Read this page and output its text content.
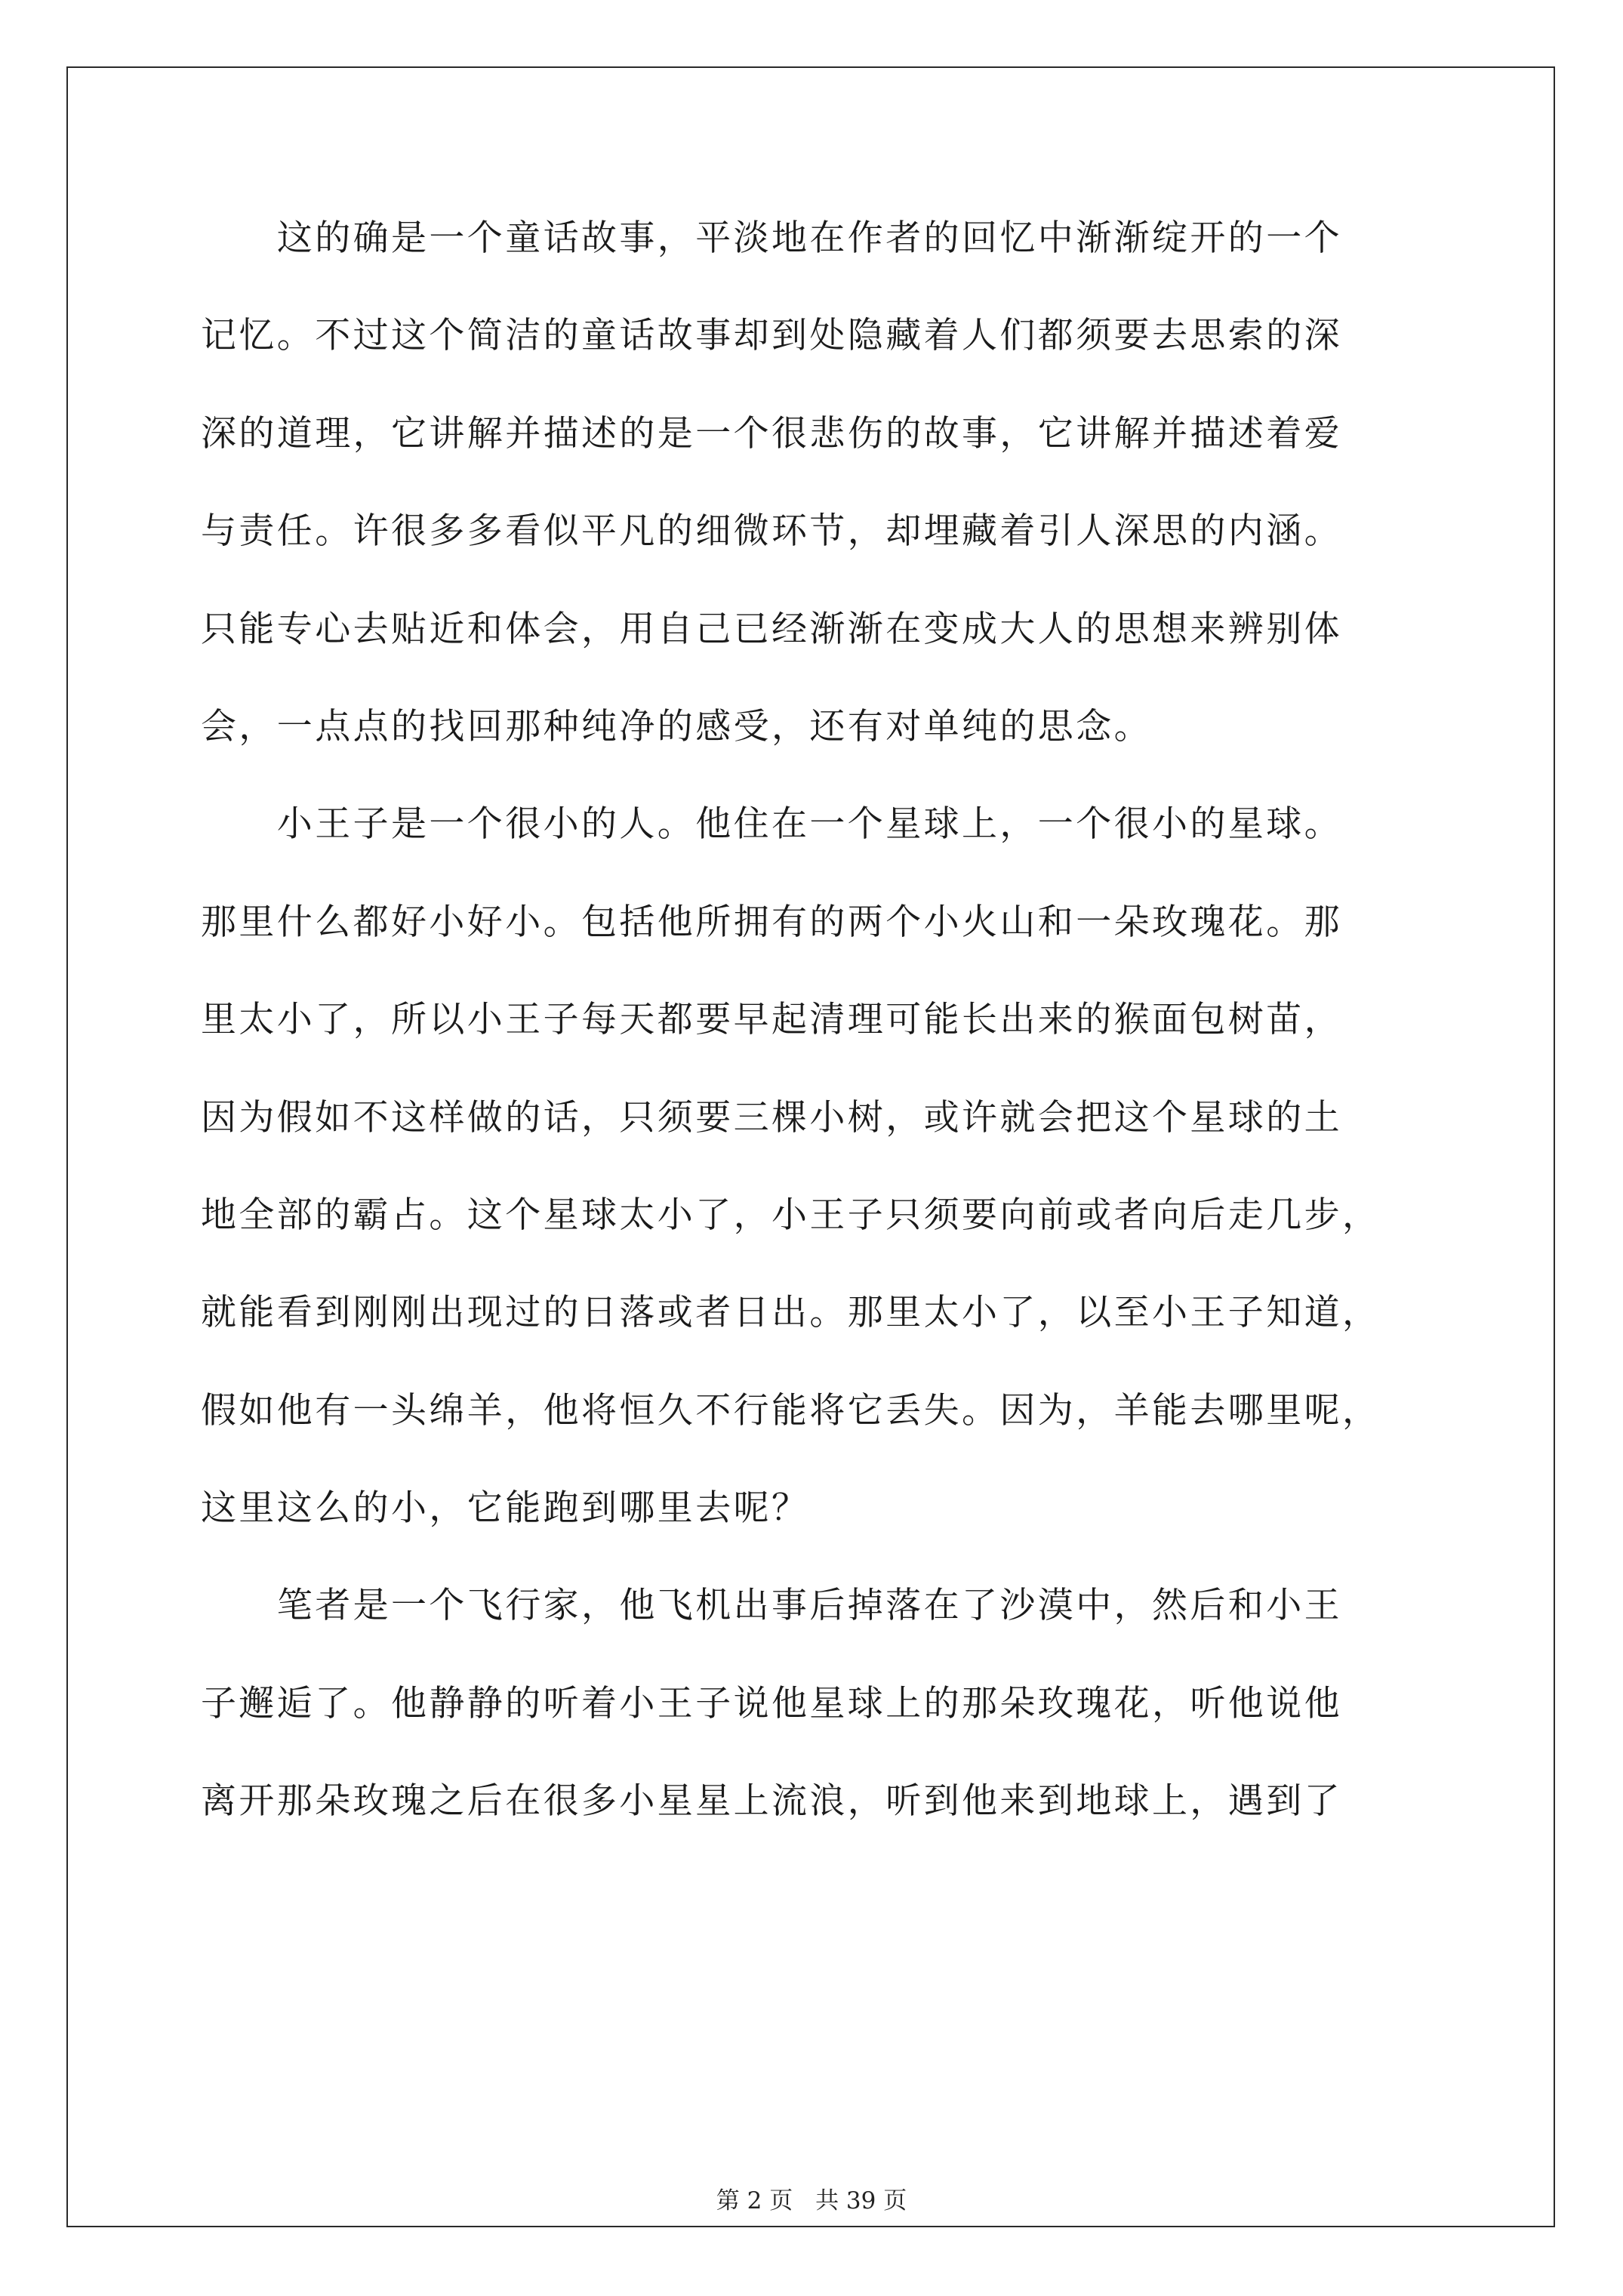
　　这的确是一个童话故事，平淡地在作者的回忆中渐渐绽开的一个
记忆。不过这个简洁的童话故事却到处隐藏着人们都须要去思索的深
深的道理，它讲解并描述的是一个很悲伤的故事，它讲解并描述着爱
与责任。许很多多看似平凡的细微环节，却埋藏着引人深思的内涵。
只能专心去贴近和体会，用自己已经渐渐在变成大人的思想来辨别体
会，一点点的找回那种纯净的感受，还有对单纯的思念。
　　小王子是一个很小的人。他住在一个星球上，一个很小的星球。
那里什么都好小好小。包括他所拥有的两个小火山和一朵玫瑰花。那
里太小了，所以小王子每天都要早起清理可能长出来的猴面包树苗，
因为假如不这样做的话，只须要三棵小树，或许就会把这个星球的土
地全部的霸占。这个星球太小了，小王子只须要向前或者向后走几步，
就能看到刚刚出现过的日落或者日出。那里太小了，以至小王子知道，
假如他有一头绵羊，他将恒久不行能将它丢失。因为，羊能去哪里呢，
这里这么的小，它能跑到哪里去呢？
　　笔者是一个飞行家，他飞机出事后掉落在了沙漠中，然后和小王
子邂逅了。他静静的听着小王子说他星球上的那朵玫瑰花，听他说他
离开那朵玫瑰之后在很多小星星上流浪，听到他来到地球上，遇到了
第 2 页 共 39 页
